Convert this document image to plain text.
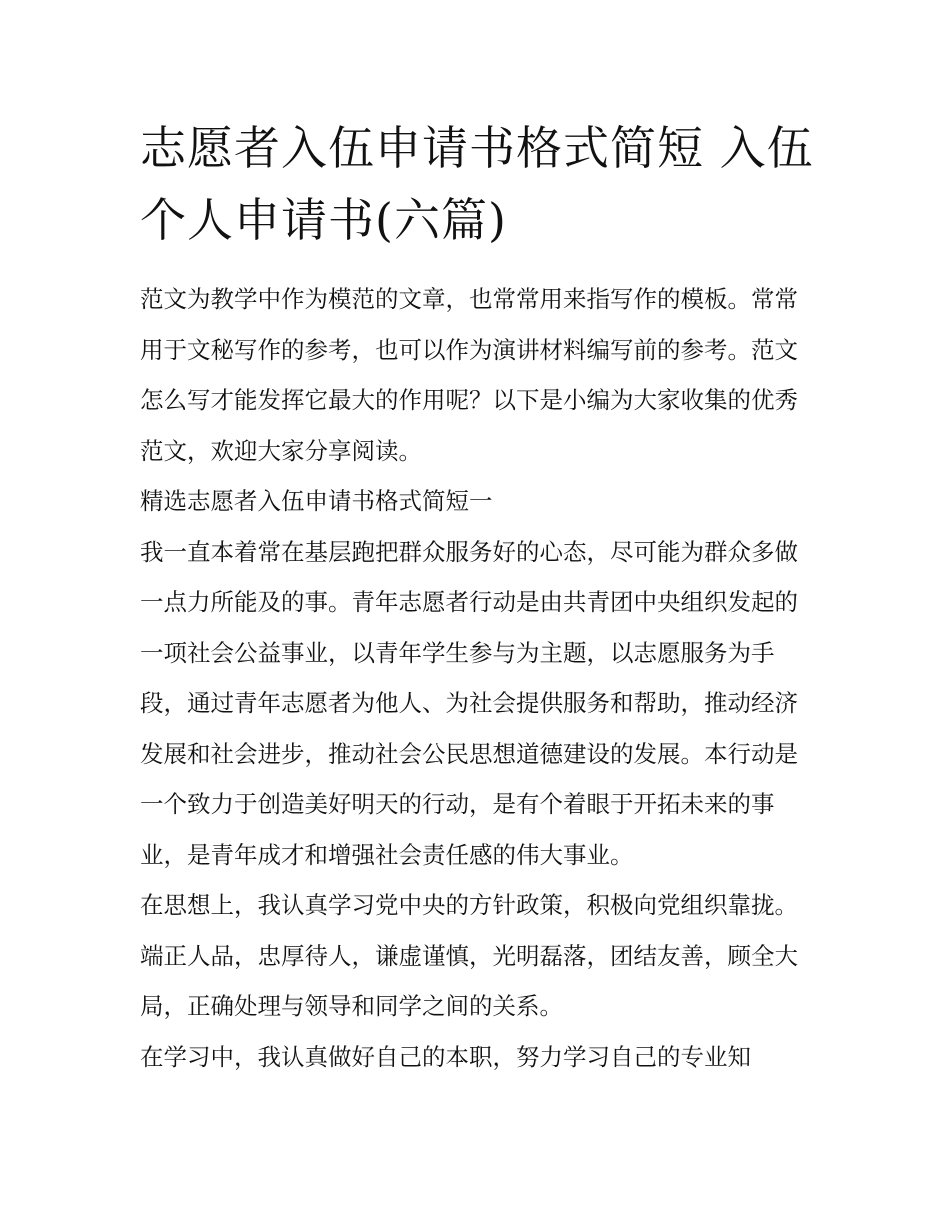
志愿者入伍申请书格式简短 入伍个人申请书(六篇)

范文为教学中作为模范的文章，也常常用来指写作的模板。常常用于文秘写作的参考，也可以作为演讲材料编写前的参考。范文怎么写才能发挥它最大的作用呢？以下是小编为大家收集的优秀范文，欢迎大家分享阅读。

精选志愿者入伍申请书格式简短一

我一直本着常在基层跑把群众服务好的心态，尽可能为群众多做一点力所能及的事。青年志愿者行动是由共青团中央组织发起的一项社会公益事业，以青年学生参与为主题，以志愿服务为手段，通过青年志愿者为他人、为社会提供服务和帮助，推动经济发展和社会进步，推动社会公民思想道德建设的发展。本行动是一个致力于创造美好明天的行动，是有个着眼于开拓未来的事业，是青年成才和增强社会责任感的伟大事业。

在思想上，我认真学习党中央的方针政策，积极向党组织靠拢。端正人品，忠厚待人，谦虚谨慎，光明磊落，团结友善，顾全大局，正确处理与领导和同学之间的关系。

在学习中，我认真做好自己的本职，努力学习自己的专业知
